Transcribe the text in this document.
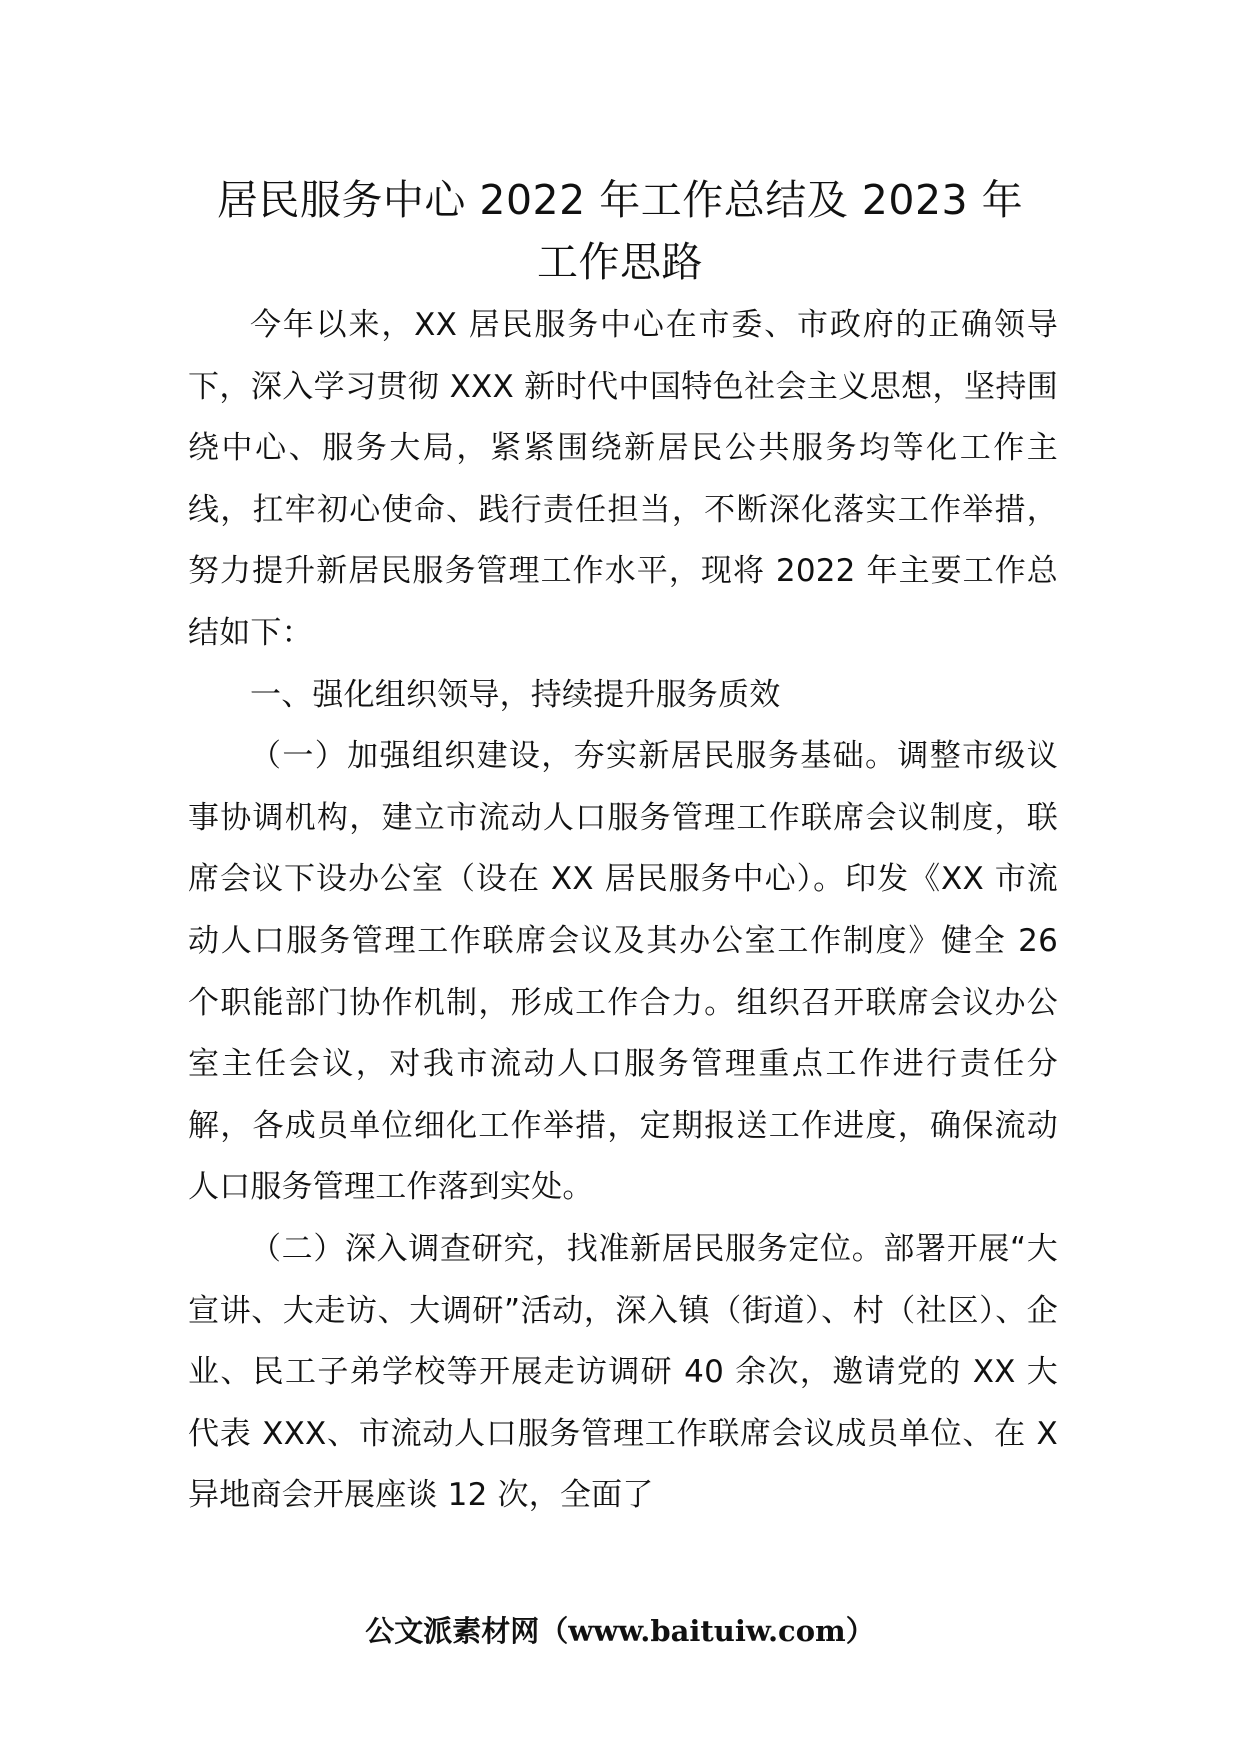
居民服务中心 2022 年工作总结及 2023 年
工作思路

今年以来，XX 居民服务中心在市委、市政府的正确领导下，深入学习贯彻 XXX 新时代中国特色社会主义思想，坚持围绕中心、服务大局，紧紧围绕新居民公共服务均等化工作主线，扛牢初心使命、践行责任担当，不断深化落实工作举措，努力提升新居民服务管理工作水平，现将 2022 年主要工作总结如下：

一、强化组织领导，持续提升服务质效

（一）加强组织建设，夯实新居民服务基础。调整市级议事协调机构，建立市流动人口服务管理工作联席会议制度，联席会议下设办公室（设在 XX 居民服务中心）。印发《XX 市流动人口服务管理工作联席会议及其办公室工作制度》健全 26 个职能部门协作机制，形成工作合力。组织召开联席会议办公室主任会议，对我市流动人口服务管理重点工作进行责任分解，各成员单位细化工作举措，定期报送工作进度，确保流动人口服务管理工作落到实处。

（二）深入调查研究，找准新居民服务定位。部署开展“大宣讲、大走访、大调研”活动，深入镇（街道）、村（社区）、企业、民工子弟学校等开展走访调研 40 余次，邀请党的 XX 大代表 XXX、市流动人口服务管理工作联席会议成员单位、在 X 异地商会开展座谈 12 次，全面了

公文派素材网（www.baituiw.com）
